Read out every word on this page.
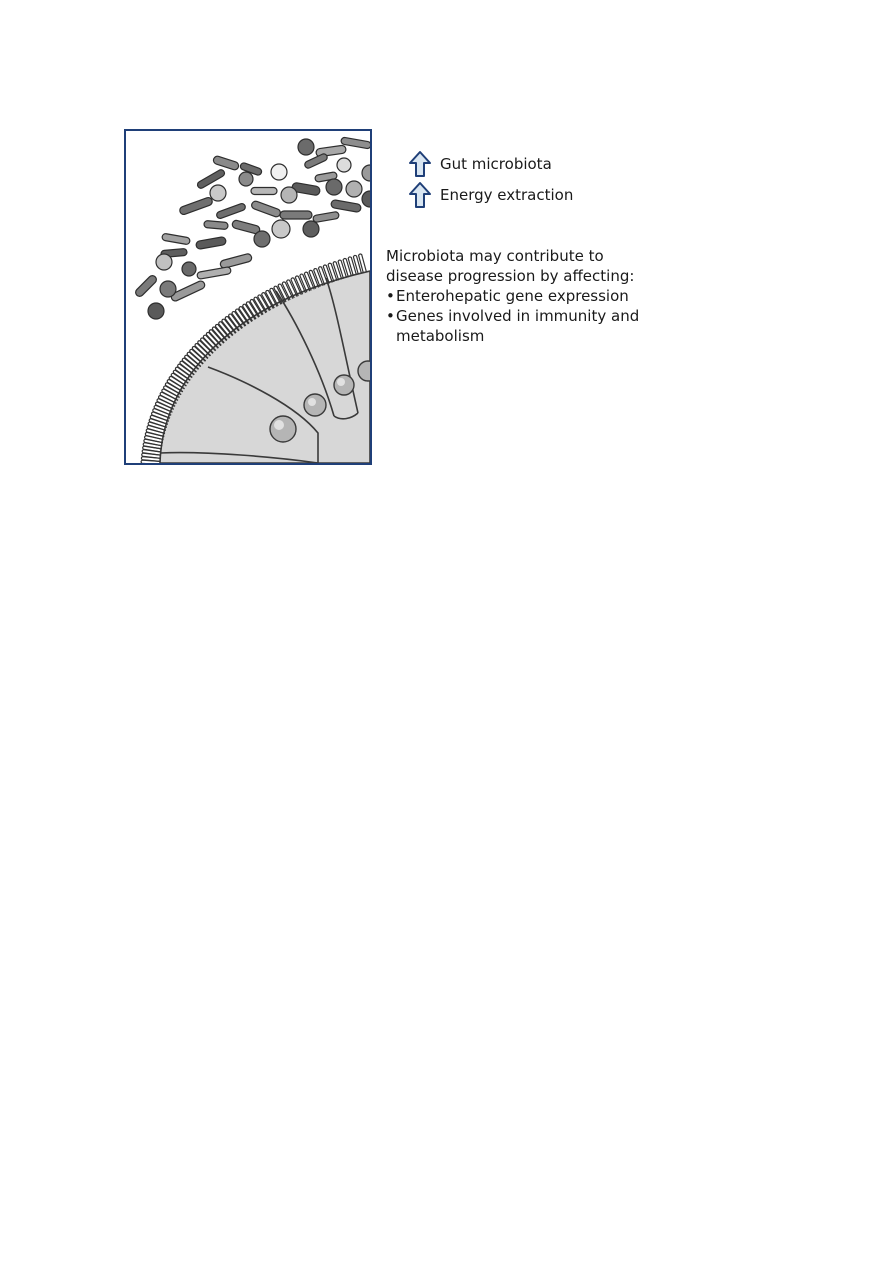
Gut microbiota
Energy extraction

Microbiota may contribute to disease progression by affecting:

• Enterohepatic gene expression
• Genes involved in immunity and metabolism
